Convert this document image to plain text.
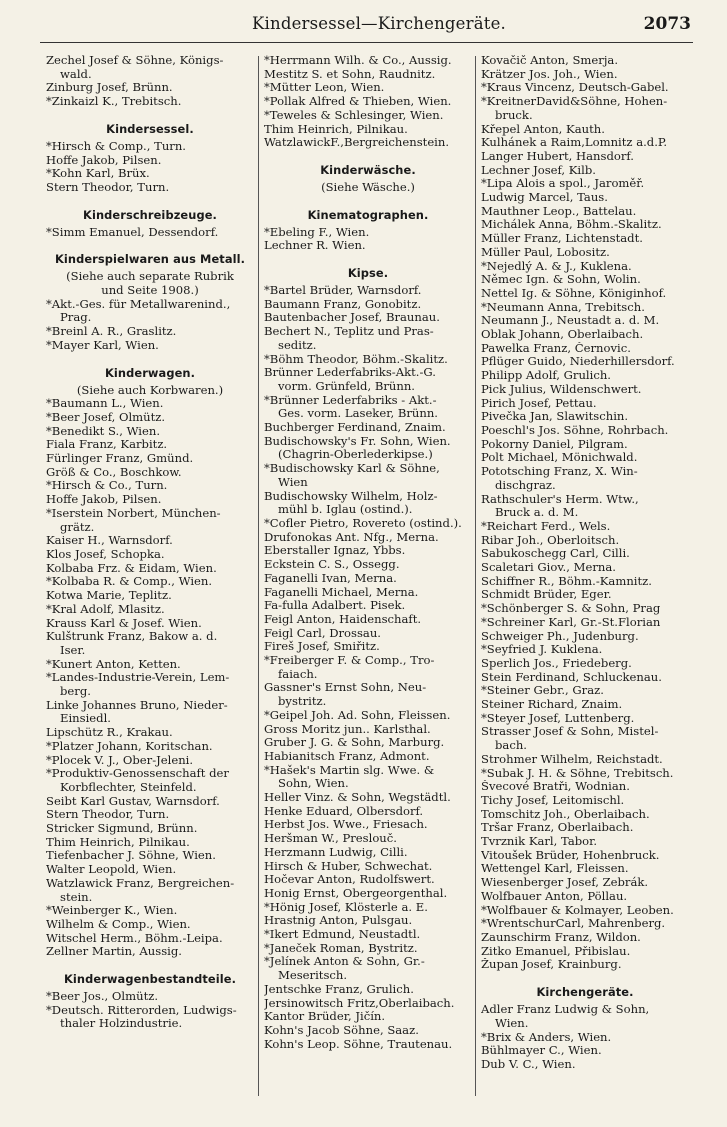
Kindersessel—Kirchengeräte.	2073
Zechel Josef & Söhne, Königs-
wald.
Zinburg Josef, Brünn.
*Zinkaizl K., Trebitsch.
Kindersessel.
*Hirsch & Comp., Turn.
Hoffe Jakob, Pilsen.
*Kohn Karl, Brüx.
Stern Theodor, Turn.
Kinderschreibzeuge.
*Simm Emanuel, Dessendorf.
Kinderspielwaren aus Metall.
(Siehe auch separate Rubrik
und Seite 1908.)
*Akt.-Ges. für Metallwarenind.,
Prag.
*Breinl A. R., Graslitz.
*Mayer Karl, Wien.
Kinderwagen.
(Siehe auch Korbwaren.)
*Baumann L., Wien.
*Beer Josef, Olmütz.
*Benedikt S., Wien.
Fiala Franz, Karbitz.
Fürlinger Franz, Gmünd.
Größ & Co., Boschkow.
*Hirsch & Co., Turn.
Hoffe Jakob, Pilsen.
*Iserstein Norbert, München-
grätz.
Kaiser H., Warnsdorf.
Klos Josef, Schopka.
Kolbaba Frz. & Eidam, Wien.
*Kolbaba R. & Comp., Wien.
Kotwa Marie, Teplitz.
*Kral Adolf, Mlasitz.
Krauss Karl & Josef. Wien.
Kulštrunk Franz, Bakow a. d.
Iser.
*Kunert Anton, Ketten.
*Landes-Industrie-Verein, Lem-
berg.
Linke Johannes Bruno, Nieder-
Einsiedl.
Lipschütz R., Krakau.
*Platzer Johann, Koritschan.
*Plocek V. J., Ober-Jeleni.
*Produktiv-Genossenschaft der
Korbflechter, Steinfeld.
Seibt Karl Gustav, Warnsdorf.
Stern Theodor, Turn.
Stricker Sigmund, Brünn.
Thim Heinrich, Pilnikau.
Tiefenbacher J. Söhne, Wien.
Walter Leopold, Wien.
Watzlawick Franz, Bergreichen-
stein.
*Weinberger K., Wien.
Wilhelm & Comp., Wien.
Witschel Herm., Böhm.-Leipa.
Zellner Martin, Aussig.
Kinderwagenbestandteile.
*Beer Jos., Olmütz.
*Deutsch. Ritterorden, Ludwigs-
thaler Holzindustrie.
*Herrmann Wilh. & Co., Aussig.
Mestitz S. et Sohn, Raudnitz.
*Mütter Leon, Wien.
*Pollak Alfred & Thieben, Wien.
*Teweles & Schlesinger, Wien.
Thim Heinrich, Pilnikau.
WatzlawickF.,Bergreichenstein.
Kinderwäsche.
(Siehe Wäsche.)
Kinematographen.
*Ebeling F., Wien.
Lechner R. Wien.
Kipse.
*Bartel Brüder, Warnsdorf.
Baumann Franz, Gonobitz.
Bautenbacher Josef, Braunau.
Bechert N., Teplitz und Pras-
seditz.
*Böhm Theodor, Böhm.-Skalitz.
Brünner Lederfabriks-Akt.-G.
vorm. Grünfeld, Brünn.
*Brünner Lederfabriks - Akt.-
Ges. vorm. Laseker, Brünn.
Buchberger Ferdinand, Znaim.
Budischowsky's Fr. Sohn, Wien.
(Chagrin-Oberlederkipse.)
*Budischowsky Karl & Söhne,
Wien
Budischowsky Wilhelm, Holz-
mühl b. Iglau (ostind.).
*Cofler Pietro, Rovereto (ostind.).
Drufonokas Ant. Nfg., Merna.
Eberstaller Ignaz, Ybbs.
Eckstein C. S., Ossegg.
Faganelli Ivan, Merna.
Faganelli Michael, Merna.
Fa-fulla Adalbert. Pisek.
Feigl Anton, Haidenschaft.
Feigl Carl, Drossau.
Fireš Josef, Smiřitz.
*Freiberger F. & Comp., Tro-
faiach.
Gassner's Ernst Sohn, Neu-
bystritz.
*Geipel Joh. Ad. Sohn, Fleissen.
Gross Moritz jun.. Karlsthal.
Gruber J. G. & Sohn, Marburg.
Habianitsch Franz, Admont.
*Hašek's Martin slg. Wwe. &
Sohn, Wien.
Heller Vinz. & Sohn, Wegstädtl.
Henke Eduard, Olbersdorf.
Herbst Jos. Wwe., Friesach.
Heršman W., Preslouč.
Herzmann Ludwig, Cilli.
Hirsch & Huber, Schwechat.
Hočevar Anton, Rudolfswert.
Honig Ernst, Obergeorgenthal.
*Hönig Josef, Klösterle a. E.
Hrastnig Anton, Pulsgau.
*Ikert Edmund, Neustadtl.
*Janeček Roman, Bystritz.
*Jelínek Anton & Sohn, Gr.-
Meseritsch.
Jentschke Franz, Grulich.
Jersinowitsch Fritz,Oberlaibach.
Kantor Brüder, Jičín.
Kohn's Jacob Söhne, Saaz.
Kohn's Leop. Söhne, Trautenau.
Kovačič Anton, Smerja.
Krätzer Jos. Joh., Wien.
*Kraus Vincenz, Deutsch-Gabel.
*KreitnerDavid&Söhne, Hohen-
bruck.
Křepel Anton, Kauth.
Kulhánek a Raim,Lomnitz a.d.P.
Langer Hubert, Hansdorf.
Lechner Josef, Kilb.
*Lipa Alois a spol., Jaroměř.
Ludwig Marcel, Taus.
Mauthner Leop., Battelau.
Michálek Anna, Böhm.-Skalitz.
Müller Franz, Lichtenstadt.
Müller Paul, Lobositz.
*Nejedlý A. & J., Kuklena.
Němec Ign. & Sohn, Wolin.
Nettel Ig. & Söhne, Königinhof.
*Neumann Anna, Trebitsch.
Neumann J., Neustadt a. d. M.
Oblak Johann, Oberlaibach.
Pawelka Franz, Černovic.
Pflüger Guido, Niederhillersdorf.
Philipp Adolf, Grulich.
Pick Julius, Wildenschwert.
Pirich Josef, Pettau.
Pivečka Jan, Slawitschin.
Poeschl's Jos. Söhne, Rohrbach.
Pokorny Daniel, Pilgram.
Polt Michael, Mönichwald.
Pototsching Franz, X. Win-
dischgraz.
Rathschuler's Herm. Wtw.,
Bruck a. d. M.
*Reichart Ferd., Wels.
Ribar Joh., Oberloitsch.
Sabukoschegg Carl, Cilli.
Scaletari Giov., Merna.
Schiffner R., Böhm.-Kamnitz.
Schmidt Brüder, Eger.
*Schönberger S. & Sohn, Prag
*Schreiner Karl, Gr.-St.Florian
Schweiger Ph., Judenburg.
*Seyfried J. Kuklena.
Sperlich Jos., Friedeberg.
Stein Ferdinand, Schluckenau.
*Steiner Gebr., Graz.
Steiner Richard, Znaim.
*Steyer Josef, Luttenberg.
Strasser Josef & Sohn, Mistel-
bach.
Strohmer Wilhelm, Reichstadt.
*Subak J. H. & Söhne, Trebitsch.
Švecové Bratři, Wodnian.
Tichy Josef, Leitomischl.
Tomschitz Joh., Oberlaibach.
Tršar Franz, Oberlaibach.
Tvrznik Karl, Tabor.
Vitoušek Brüder, Hohenbruck.
Wettengel Karl, Fleissen.
Wiesenberger Josef, Zebrák.
Wolfbauer Anton, Pöllau.
*Wolfbauer & Kolmayer, Leoben.
*WrentschurCarl, Mahrenberg.
Zaunschirm Franz, Wildon.
Zitko Emanuel, Přibislau.
Župan Josef, Krainburg.
Kirchengeräte.
Adler Franz Ludwig & Sohn,
Wien.
*Brix & Anders, Wien.
Bühlmayer C., Wien.
Dub V. C., Wien.
